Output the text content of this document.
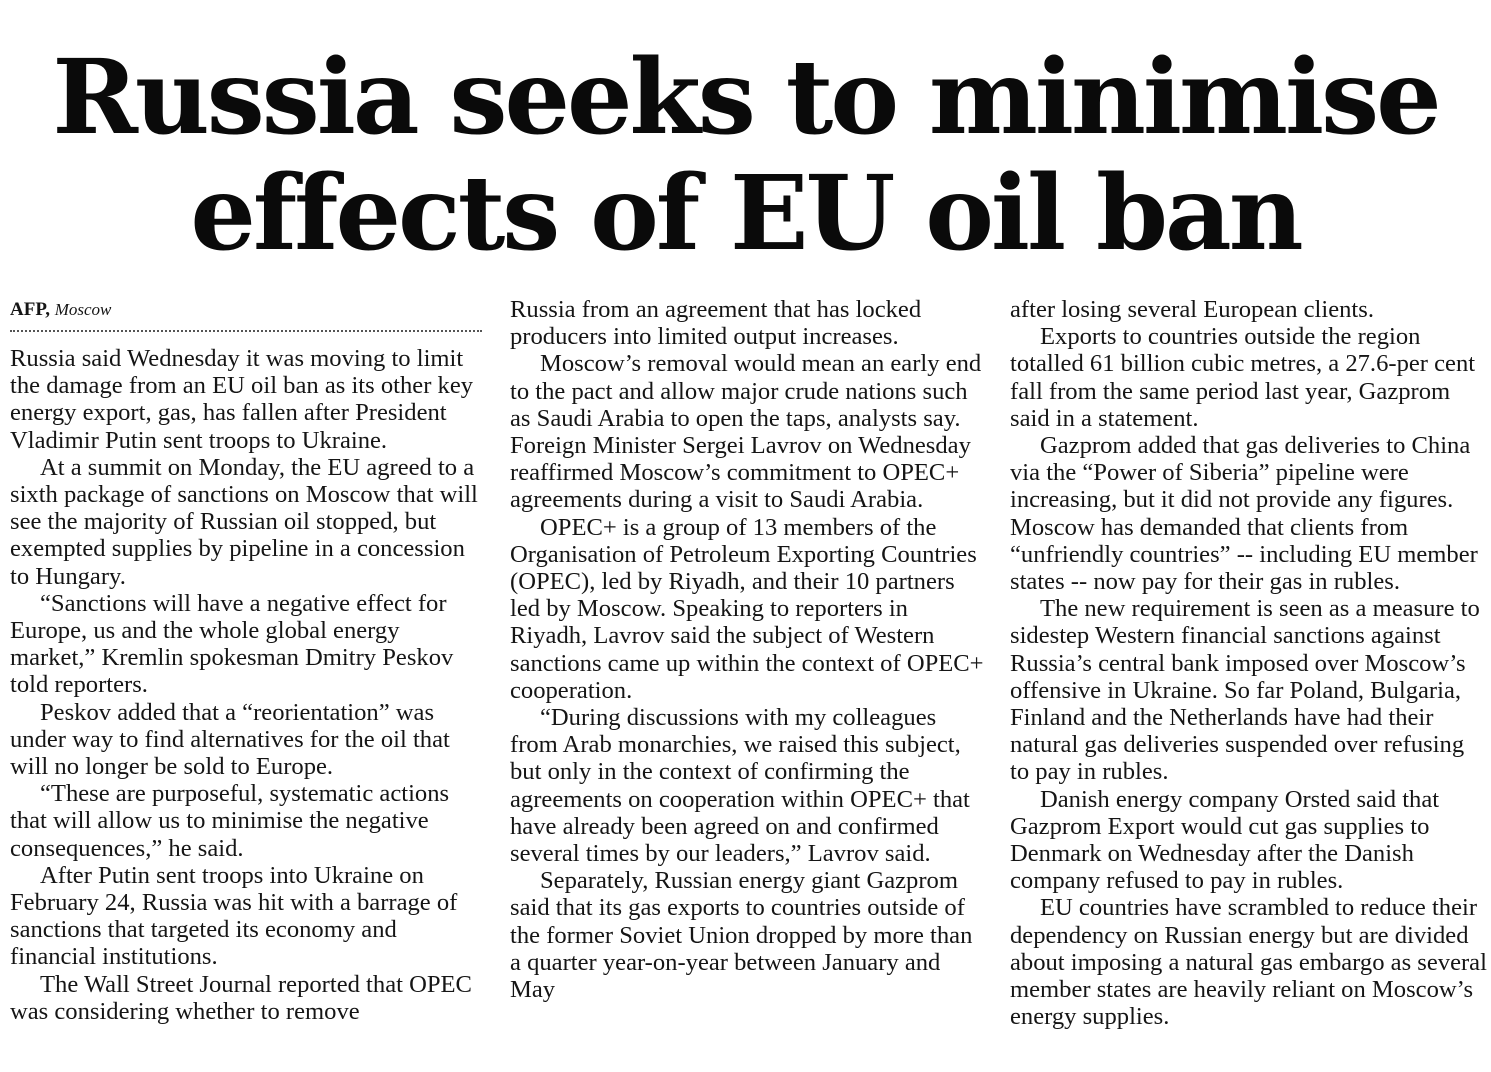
Russia seeks to minimise
effects of EU oil ban
AFP, Moscow

Russia said Wednesday it was moving to limit the damage from an EU oil ban as its other key energy export, gas, has fallen after President Vladimir Putin sent troops to Ukraine.

At a summit on Monday, the EU agreed to a sixth package of sanctions on Moscow that will see the majority of Russian oil stopped, but exempted supplies by pipeline in a concession to Hungary.

“Sanctions will have a negative effect for Europe, us and the whole global energy market,” Kremlin spokesman Dmitry Peskov told reporters.

Peskov added that a “reorientation” was under way to find alternatives for the oil that will no longer be sold to Europe.

“These are purposeful, systematic actions that will allow us to minimise the negative consequences,” he said.

After Putin sent troops into Ukraine on February 24, Russia was hit with a barrage of sanctions that targeted its economy and financial institutions.

The Wall Street Journal reported that OPEC was considering whether to remove

Russia from an agreement that has locked producers into limited output increases.

Moscow’s removal would mean an early end to the pact and allow major crude nations such as Saudi Arabia to open the taps, analysts say. Foreign Minister Sergei Lavrov on Wednesday reaffirmed Moscow’s commitment to OPEC+ agreements during a visit to Saudi Arabia.

OPEC+ is a group of 13 members of the Organisation of Petroleum Exporting Countries (OPEC), led by Riyadh, and their 10 partners led by Moscow. Speaking to reporters in Riyadh, Lavrov said the subject of Western sanctions came up within the context of OPEC+ cooperation.

“During discussions with my colleagues from Arab monarchies, we raised this subject, but only in the context of confirming the agreements on cooperation within OPEC+ that have already been agreed on and confirmed several times by our leaders,” Lavrov said.

Separately, Russian energy giant Gazprom said that its gas exports to countries outside of the former Soviet Union dropped by more than a quarter year-on-year between January and May

after losing several European clients.

Exports to countries outside the region totalled 61 billion cubic metres, a 27.6-per cent fall from the same period last year, Gazprom said in a statement.

Gazprom added that gas deliveries to China via the “Power of Siberia” pipeline were increasing, but it did not provide any figures. Moscow has demanded that clients from “unfriendly countries” -- including EU member states -- now pay for their gas in rubles.

The new requirement is seen as a measure to sidestep Western financial sanctions against Russia’s central bank imposed over Moscow’s offensive in Ukraine. So far Poland, Bulgaria, Finland and the Netherlands have had their natural gas deliveries suspended over refusing to pay in rubles.

Danish energy company Orsted said that Gazprom Export would cut gas supplies to Denmark on Wednesday after the Danish company refused to pay in rubles.

EU countries have scrambled to reduce their dependency on Russian energy but are divided about imposing a natural gas embargo as several member states are heavily reliant on Moscow’s energy supplies.
